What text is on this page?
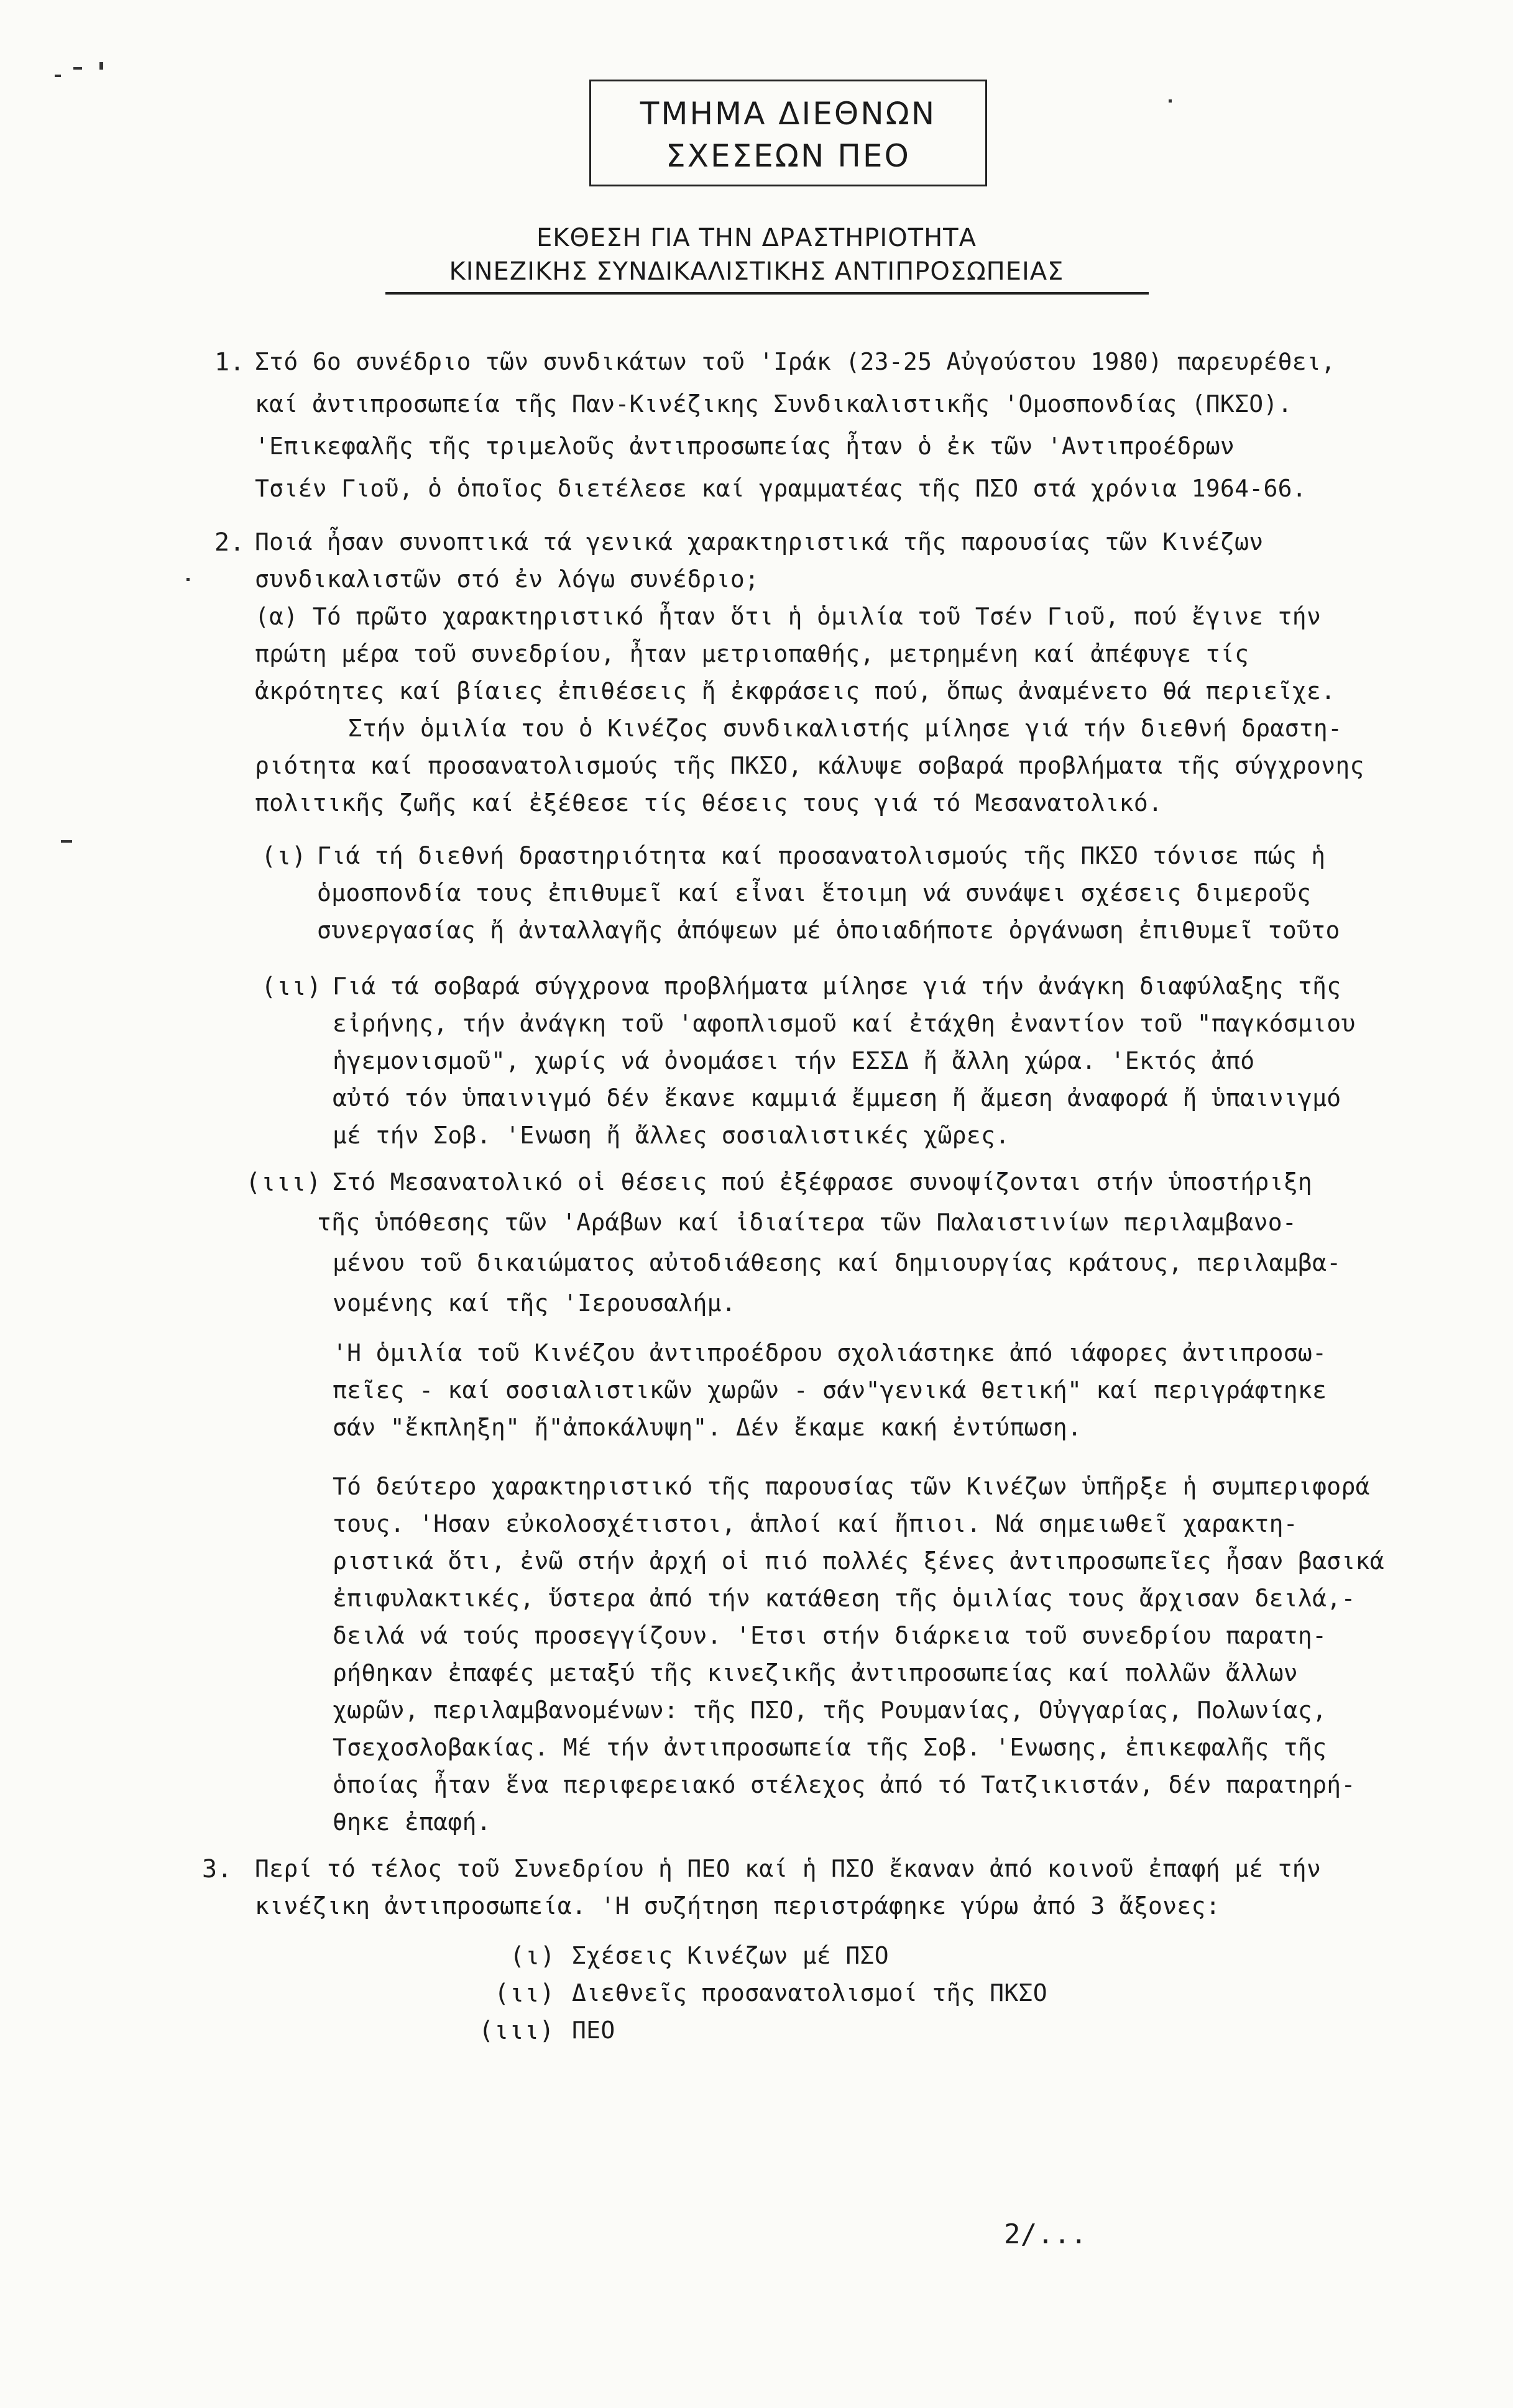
ΤΜΗΜΑ ΔΙΕΘΝΩΝ
ΣΧΕΣΕΩΝ ΠΕΟ
ΕΚΘΕΣΗ ΓΙΑ ΤΗΝ ΔΡΑΣΤΗΡΙΟΤΗΤΑ
ΚΙΝΕΖΙΚΗΣ ΣΥΝΔΙΚΑΛΙΣΤΙΚΗΣ ΑΝΤΙΠΡΟΣΩΠΕΙΑΣ
1. Στό 6ο συνέδριο τῶν συνδικάτων τοῦ 'Ιράκ (23-25 Αὐγούστου 1980) παρευρέθει,
καί ἀντιπροσωπεία τῆς Παν-Κινέζικης Συνδικαλιστικῆς 'Ομοσπονδίας (ΠΚΣΟ).
'Επικεφαλῆς τῆς τριμελοῦς ἀντιπροσωπείας ἦταν ὁ ἐκ τῶν 'Αντιπροέδρων
Τσιέν Γιοῦ, ὁ ὁποῖος διετέλεσε καί γραμματέας τῆς ΠΣΟ στά χρόνια 1964-66.
2. Ποιά ἦσαν συνοπτικά τά γενικά χαρακτηριστικά τῆς παρουσίας τῶν Κινέζων
συνδικαλιστῶν στό ἐν λόγω συνέδριο;
(α) Τό πρῶτο χαρακτηριστικό ἦταν ὅτι ἡ ὁμιλία τοῦ Τσέν Γιοῦ, πού ἔγινε τήν
πρώτη μέρα τοῦ συνεδρίου, ἦταν μετριοπαθής, μετρημένη καί ἀπέφυγε τίς
ἀκρότητες καί βίαιες ἐπιθέσεις ἤ ἐκφράσεις πού, ὅπως ἀναμένετο θά περιεῖχε.
Στήν ὁμιλία του ὁ Κινέζος συνδικαλιστής μίλησε γιά τήν διεθνή δραστη-
ριότητα καί προσανατολισμούς τῆς ΠΚΣΟ, κάλυψε σοβαρά προβλήματα τῆς σύγχρονης
πολιτικῆς ζωῆς καί ἐξέθεσε τίς θέσεις τους γιά τό Μεσανατολικό.
(ι) Γιά τή διεθνή δραστηριότητα καί προσανατολισμούς τῆς ΠΚΣΟ τόνισε πώς ἡ
ὁμοσπονδία τους ἐπιθυμεῖ καί εἶναι ἕτοιμη νά συνάψει σχέσεις διμεροῦς
συνεργασίας ἤ ἀνταλλαγῆς ἀπόψεων μέ ὁποιαδήποτε ὀργάνωση ἐπιθυμεῖ τοῦτο
(ιι) Γιά τά σοβαρά σύγχρονα προβλήματα μίλησε γιά τήν ἀνάγκη διαφύλαξης τῆς
εἰρήνης, τήν ἀνάγκη τοῦ 'αφοπλισμοῦ καί ἐτάχθη ἐναντίον τοῦ "παγκόσμιου
ἡγεμονισμοῦ", χωρίς νά ὀνομάσει τήν ΕΣΣΔ ἤ ἄλλη χώρα. 'Εκτός ἀπό
αὐτό τόν ὑπαινιγμό δέν ἔκανε καμμιά ἔμμεση ἤ ἄμεση ἀναφορά ἤ ὑπαινιγμό
μέ τήν Σοβ. 'Ενωση ἤ ἄλλες σοσιαλιστικές χῶρες.
(ιιι) Στό Μεσανατολικό οἱ θέσεις πού ἐξέφρασε συνοψίζονται στήν ὑποστήριξη
τῆς ὑπόθεσης τῶν 'Αράβων καί ἰδιαίτερα τῶν Παλαιστινίων περιλαμβανο-
μένου τοῦ δικαιώματος αὐτοδιάθεσης καί δημιουργίας κράτους, περιλαμβα-
νομένης καί τῆς 'Ιερουσαλήμ.
'Η ὁμιλία τοῦ Κινέζου ἀντιπροέδρου σχολιάστηκε ἀπό ιάφορες ἀντιπροσω-
πεῖες - καί σοσιαλιστικῶν χωρῶν - σάν"γενικά θετική" καί περιγράφτηκε
σάν "ἔκπληξη" ἤ"ἀποκάλυψη". Δέν ἔκαμε κακή ἐντύπωση.
Τό δεύτερο χαρακτηριστικό τῆς παρουσίας τῶν Κινέζων ὑπῆρξε ἡ συμπεριφορά
τους. 'Ησαν εὐκολοσχέτιστοι, ἁπλοί καί ἤπιοι. Νά σημειωθεῖ χαρακτη-
ριστικά ὅτι, ἐνῶ στήν ἀρχή οἱ πιό πολλές ξένες ἀντιπροσωπεῖες ἦσαν βασικά
ἐπιφυλακτικές, ὕστερα ἀπό τήν κατάθεση τῆς ὁμιλίας τους ἄρχισαν δειλά,-
δειλά νά τούς προσεγγίζουν. 'Ετσι στήν διάρκεια τοῦ συνεδρίου παρατη-
ρήθηκαν ἐπαφές μεταξύ τῆς κινεζικῆς ἀντιπροσωπείας καί πολλῶν ἄλλων
χωρῶν, περιλαμβανομένων: τῆς ΠΣΟ, τῆς Ρουμανίας, Οὐγγαρίας, Πολωνίας,
Τσεχοσλοβακίας. Μέ τήν ἀντιπροσωπεία τῆς Σοβ. 'Ενωσης, ἐπικεφαλῆς τῆς
ὁποίας ἦταν ἕνα περιφερειακό στέλεχος ἀπό τό Τατζικιστάν, δέν παρατηρή-
θηκε ἐπαφή.
3. Περί τό τέλος τοῦ Συνεδρίου ἡ ΠΕΟ καί ἡ ΠΣΟ ἔκαναν ἀπό κοινοῦ ἐπαφή μέ τήν
κινέζικη ἀντιπροσωπεία. 'Η συζήτηση περιστράφηκε γύρω ἀπό 3 ἄξονες:
(ι) Σχέσεις Κινέζων μέ ΠΣΟ
(ιι) Διεθνεῖς προσανατολισμοί τῆς ΠΚΣΟ
(ιιι) ΠΕΟ
2/...
